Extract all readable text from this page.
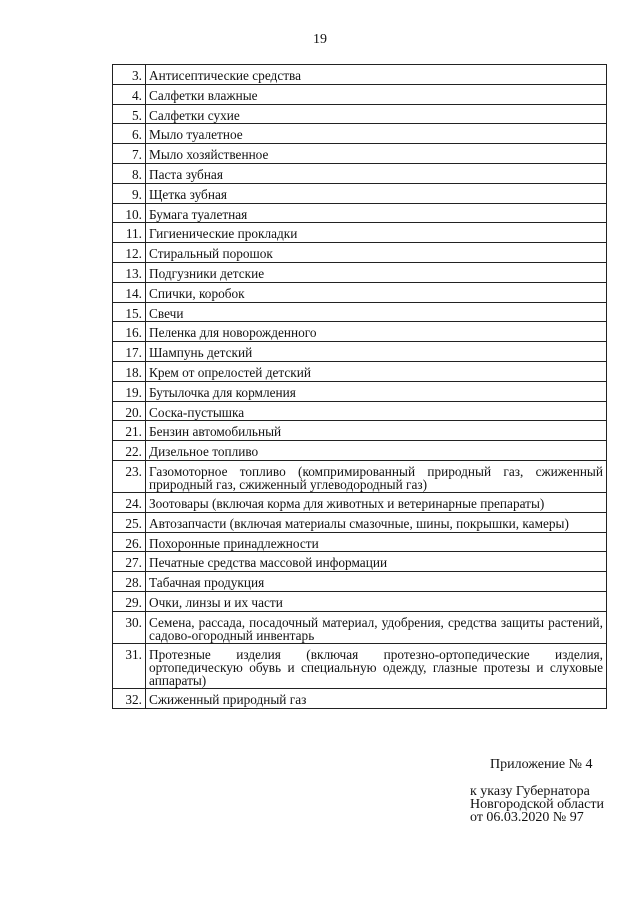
19
3.	Антисептические средства
4.	Салфетки влажные
5.	Салфетки сухие
6.	Мыло туалетное
7.	Мыло хозяйственное
8.	Паста зубная
9.	Щетка зубная
10.	Бумага туалетная
11.	Гигиенические прокладки
12.	Стиральный порошок
13.	Подгузники детские
14.	Спички, коробок
15.	Свечи
16.	Пеленка для новорожденного
17.	Шампунь детский
18.	Крем от опрелостей детский
19.	Бутылочка для кормления
20.	Соска-пустышка
21.	Бензин автомобильный
22.	Дизельное топливо
23.	Газомоторное топливо (компримированный природный газ, сжиженный природный газ, сжиженный углеводородный газ)
24.	Зоотовары (включая корма для животных и ветеринарные препараты)
25.	Автозапчасти (включая материалы смазочные, шины, покрышки, камеры)
26.	Похоронные принадлежности
27.	Печатные средства массовой информации
28.	Табачная продукция
29.	Очки, линзы и их части
30.	Семена, рассада, посадочный материал, удобрения, средства защиты растений, садово-огородный инвентарь
31.	Протезные изделия (включая протезно-ортопедические изделия, ортопедическую обувь и специальную одежду, глазные протезы и слуховые аппараты)
32.	Сжиженный природный газ
Приложение № 4
к указу Губернатора
Новгородской области
от 06.03.2020 № 97
